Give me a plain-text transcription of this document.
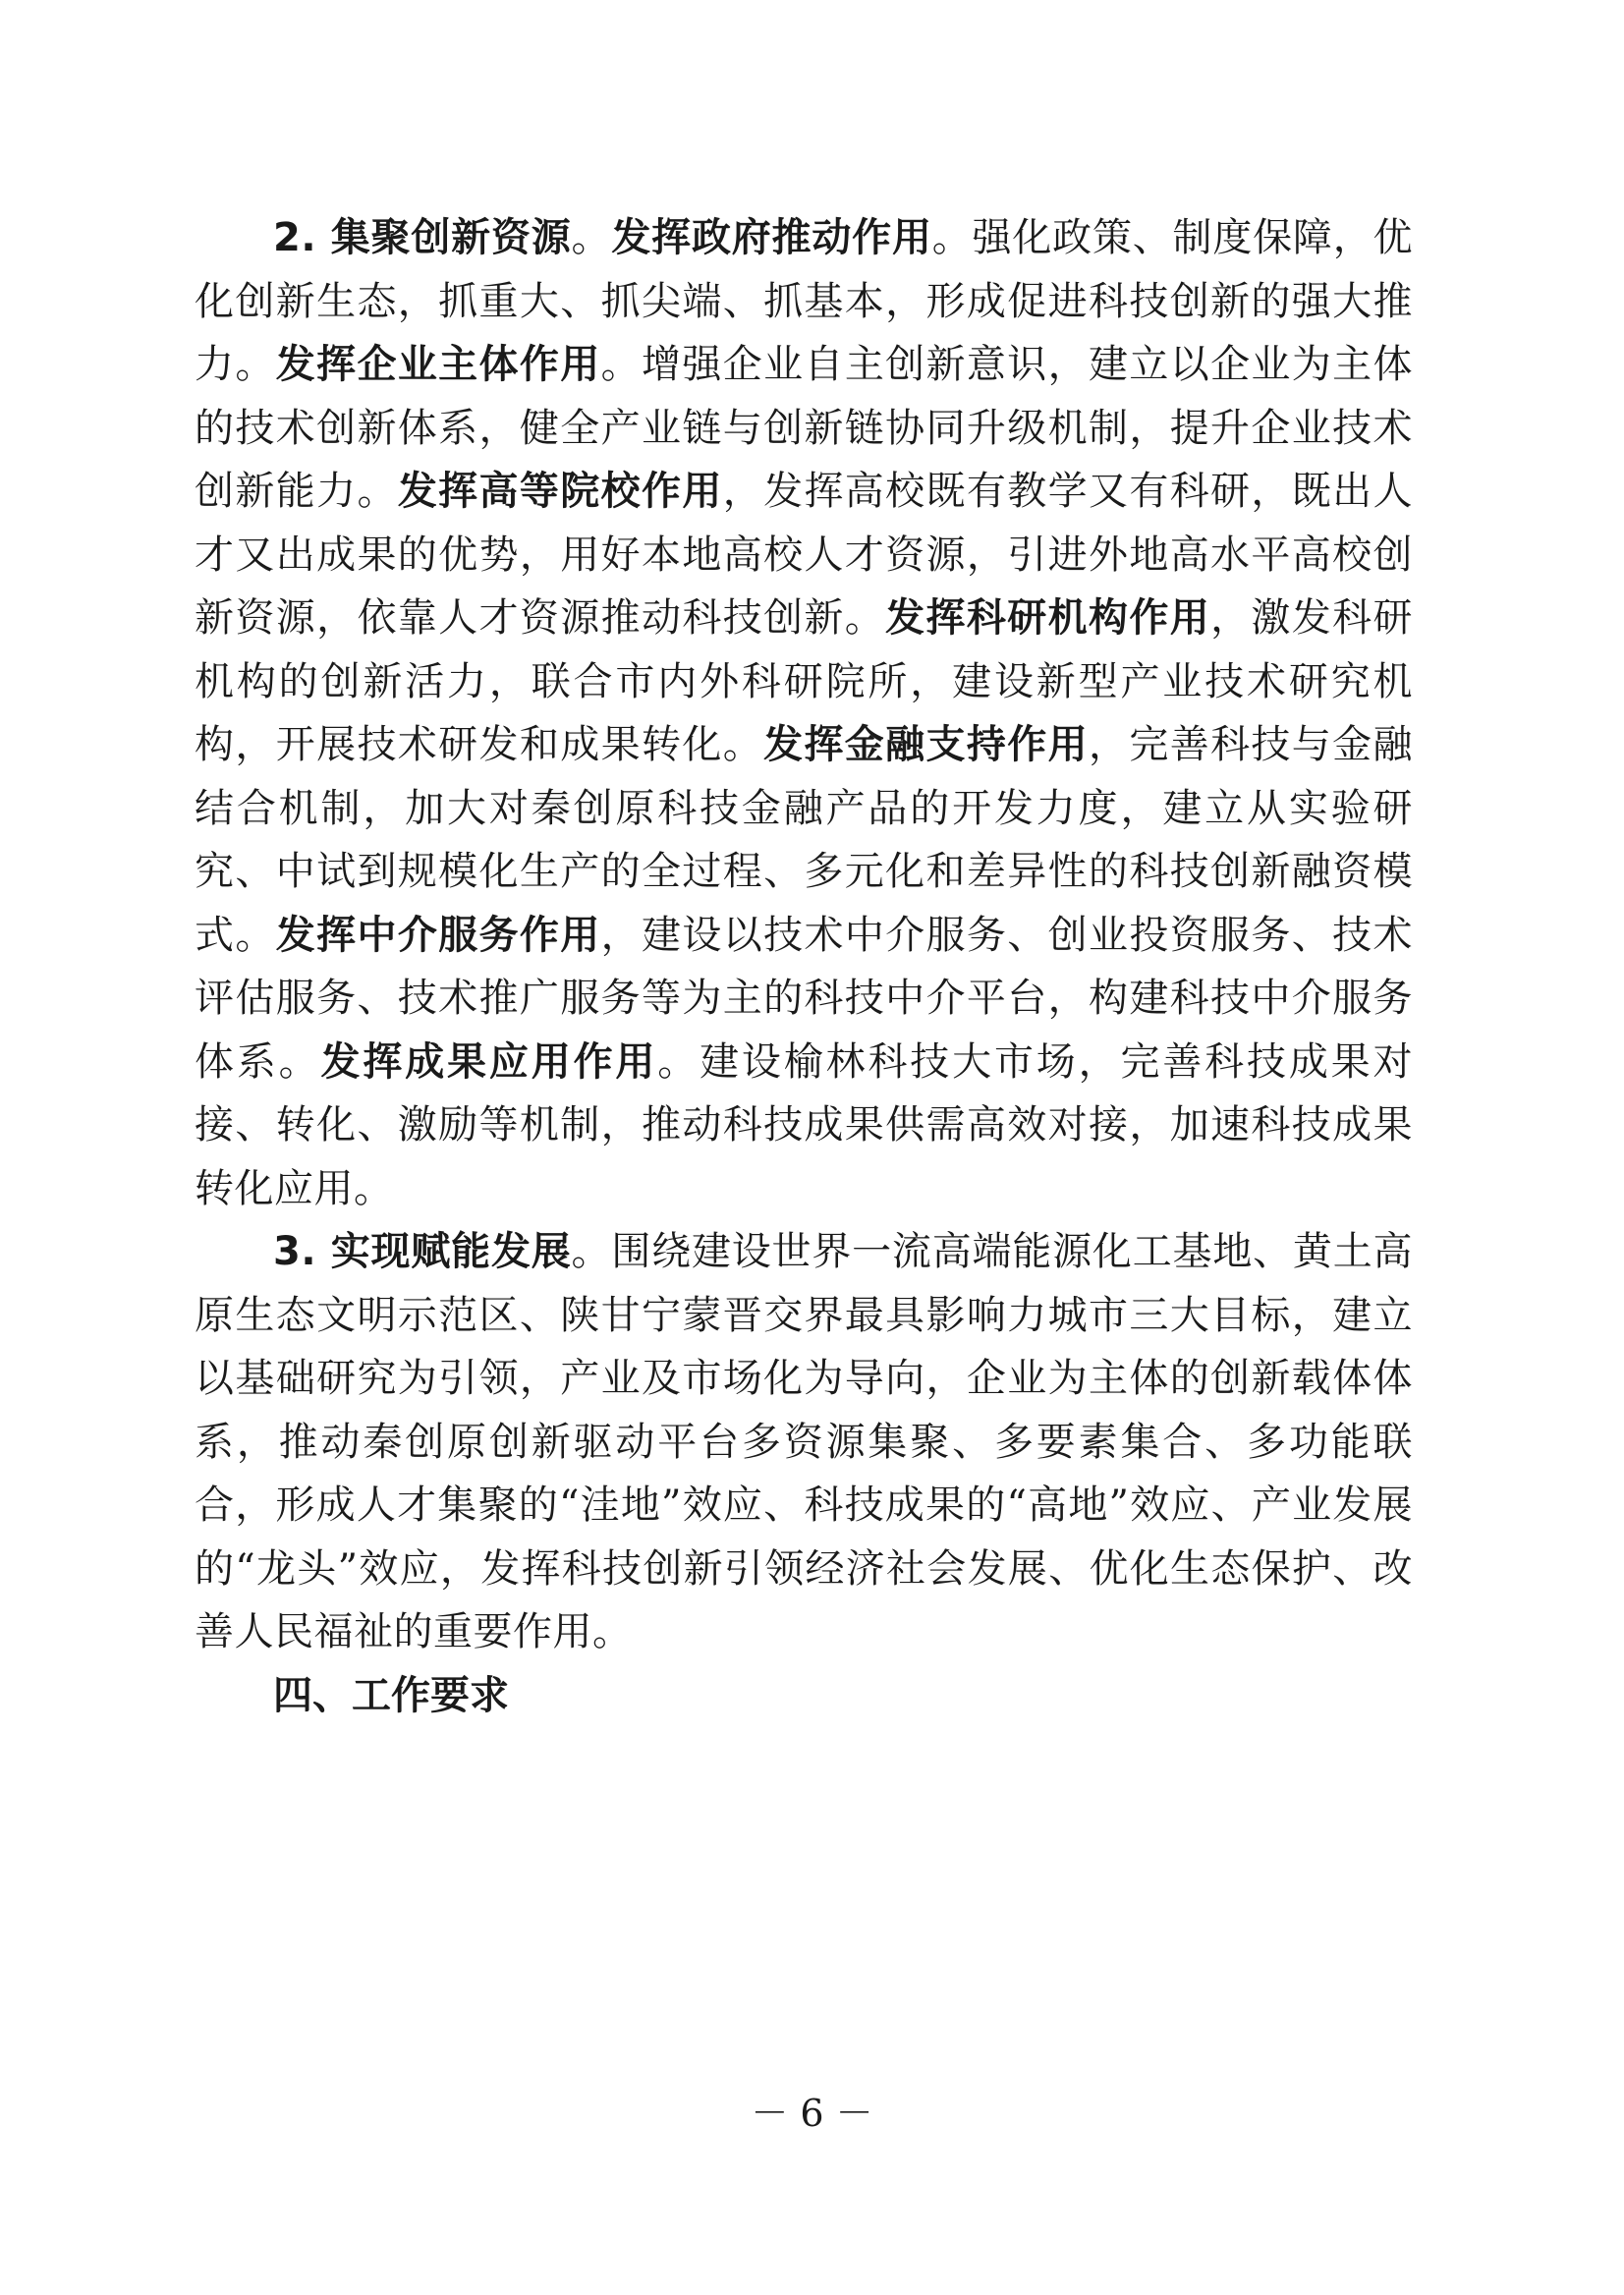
2. 集聚创新资源。发挥政府推动作用。强化政策、制度保障，优化创新生态，抓重大、抓尖端、抓基本，形成促进科技创新的强大推力。发挥企业主体作用。增强企业自主创新意识，建立以企业为主体的技术创新体系，健全产业链与创新链协同升级机制，提升企业技术创新能力。发挥高等院校作用，发挥高校既有教学又有科研，既出人才又出成果的优势，用好本地高校人才资源，引进外地高水平高校创新资源，依靠人才资源推动科技创新。发挥科研机构作用，激发科研机构的创新活力，联合市内外科研院所，建设新型产业技术研究机构，开展技术研发和成果转化。发挥金融支持作用，完善科技与金融结合机制，加大对秦创原科技金融产品的开发力度，建立从实验研究、中试到规模化生产的全过程、多元化和差异性的科技创新融资模式。发挥中介服务作用，建设以技术中介服务、创业投资服务、技术评估服务、技术推广服务等为主的科技中介平台，构建科技中介服务体系。发挥成果应用作用。建设榆林科技大市场，完善科技成果对接、转化、激励等机制，推动科技成果供需高效对接，加速科技成果转化应用。

3. 实现赋能发展。围绕建设世界一流高端能源化工基地、黄土高原生态文明示范区、陕甘宁蒙晋交界最具影响力城市三大目标，建立以基础研究为引领，产业及市场化为导向，企业为主体的创新载体体系，推动秦创原创新驱动平台多资源集聚、多要素集合、多功能联合，形成人才集聚的“洼地”效应、科技成果的“高地”效应、产业发展的“龙头”效应，发挥科技创新引领经济社会发展、优化生态保护、改善人民福祉的重要作用。

四、工作要求

－ 6 －
